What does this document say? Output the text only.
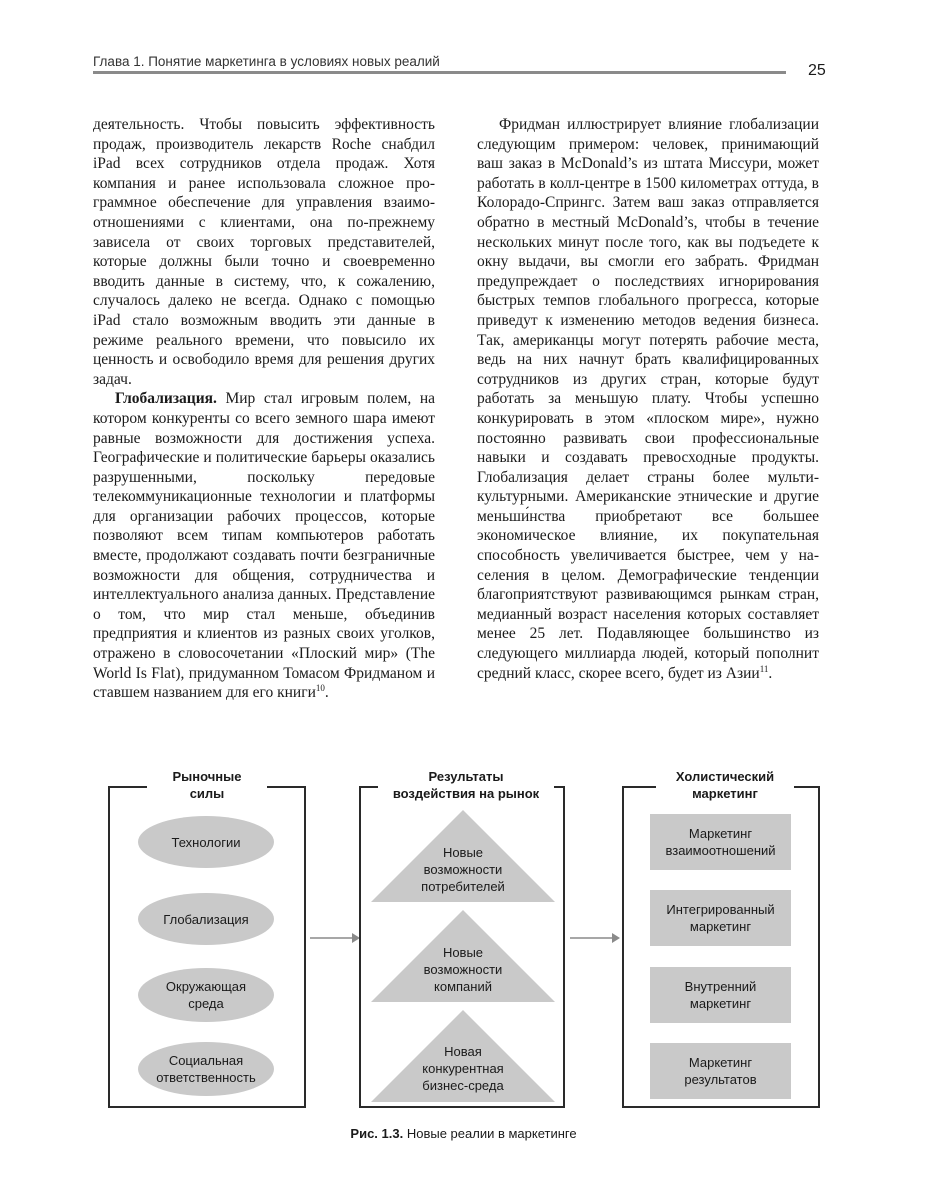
Глава 1. Понятие маркетинга в условиях новых реалий
25

деятельность. Чтобы повысить эффективность продаж, производитель лекарств Roche снабдил iPad всех сотрудников отдела продаж. Хотя компания и ранее использовала сложное программное обеспечение для управления взаимоотношениями с клиентами, она по-прежнему зависела от своих торговых представителей, которые должны были точно и своевременно вводить данные в систему, что, к сожалению, случалось далеко не всегда. Однако с помощью iPad стало возможным вводить эти данные в режиме реального времени, что повысило их ценность и освободило время для решения других задач.

Глобализация. Мир стал игровым полем, на котором конкуренты со всего земного шара имеют равные возможности для достижения успеха. Географические и политические барьеры оказались разрушенными, поскольку передовые телекоммуникационные технологии и платформы для организации рабочих процессов, которые позволяют всем типам компьютеров работать вместе, продолжают создавать почти безграничные возможности для общения, сотрудничества и интеллектуального анализа данных. Представление о том, что мир стал меньше, объединив предприятия и клиентов из разных своих уголков, отражено в словосочетании «Плоский мир» (The World Is Flat), придуманном Томасом Фридманом и ставшем названием для его книги$^{10}$.

Фридман иллюстрирует влияние глобализации следующим примером: человек, принимающий ваш заказ в McDonald’s из штата Миссури, может работать в колл-центре в 1500 километрах оттуда, в Колорадо-Спрингс. Затем ваш заказ отправляется обратно в местный McDonald’s, чтобы в течение нескольких минут после того, как вы подъедете к окну выдачи, вы смогли его забрать. Фридман предупреждает о последствиях игнорирования быстрых темпов глобального прогресса, которые приведут к изменению методов ведения бизнеса. Так, американцы могут потерять рабочие места, ведь на них начнут брать квалифицированных сотрудников из других стран, которые будут работать за меньшую плату. Чтобы успешно конкурировать в этом «плоском мире», нужно постоянно развивать свои профессиональные навыки и создавать превосходные продукты. Глобализация делает страны более мультикультурными. Американские этнические и другие меньши́нства приобретают все большее экономическое влияние, их покупательная способность увеличивается быстрее, чем у населения в целом. Демографические тенденции благоприятствуют развивающимся рынкам стран, медианный возраст населения которых составляет менее 25 лет. Подавляющее большинство из следующего миллиарда людей, который пополнит средний класс, скорее всего, будет из Азии$^{11}$.

Рыночные
силы
Технологии
Глобализация
Окружающая
среда
Социальная
ответственность
Результаты
воздействия на рынок
Новые
возможности
потребителей
Новые
возможности
компаний
Новая
конкурентная
бизнес-среда
Холистический
маркетинг
Маркетинг
взаимоотношений
Интегрированный
маркетинг
Внутренний
маркетинг
Маркетинг
результатов
Рис. 1.3. Новые реалии в маркетинге
